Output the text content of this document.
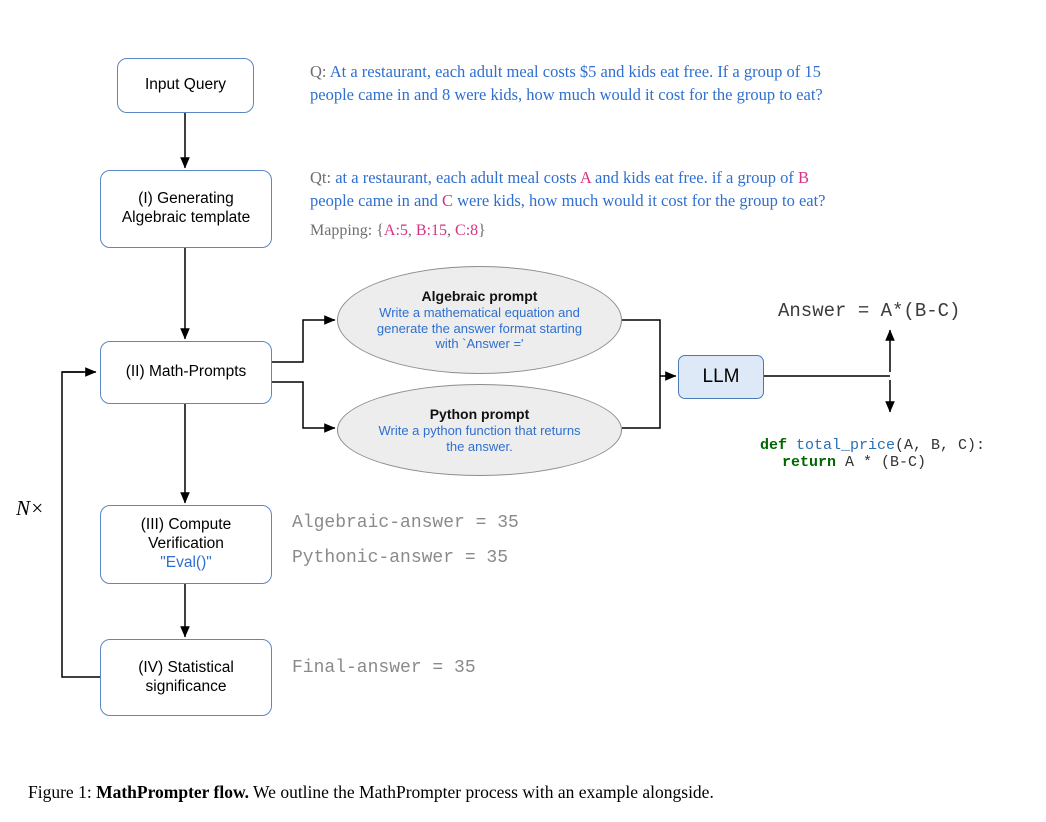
Input Query
(I) Generating
Algebraic template
(II) Math-Prompts
(III) Compute
Verification
"Eval()"
(IV) Statistical
significance
N×
Algebraic prompt
Write a mathematical equation and
generate the answer format starting
with `Answer ='
Python prompt
Write a python function that returns
the answer.
LLM
Q: At a restaurant, each adult meal costs $5 and kids eat free. If a group of 15
people came in and 8 were kids, how much would it cost for the group to eat?
Qt: at a restaurant, each adult meal costs A and kids eat free. if a group of B
people came in and C were kids, how much would it cost for the group to eat?
Mapping: {A:5, B:15, C:8}
Answer = A*(B-C)

def total_price(A, B, C):
return A * (B-C)

Algebraic-answer = 35
Pythonic-answer = 35
Final-answer = 35
Figure 1: MathPrompter flow. We outline the MathPrompter process with an example alongside.
